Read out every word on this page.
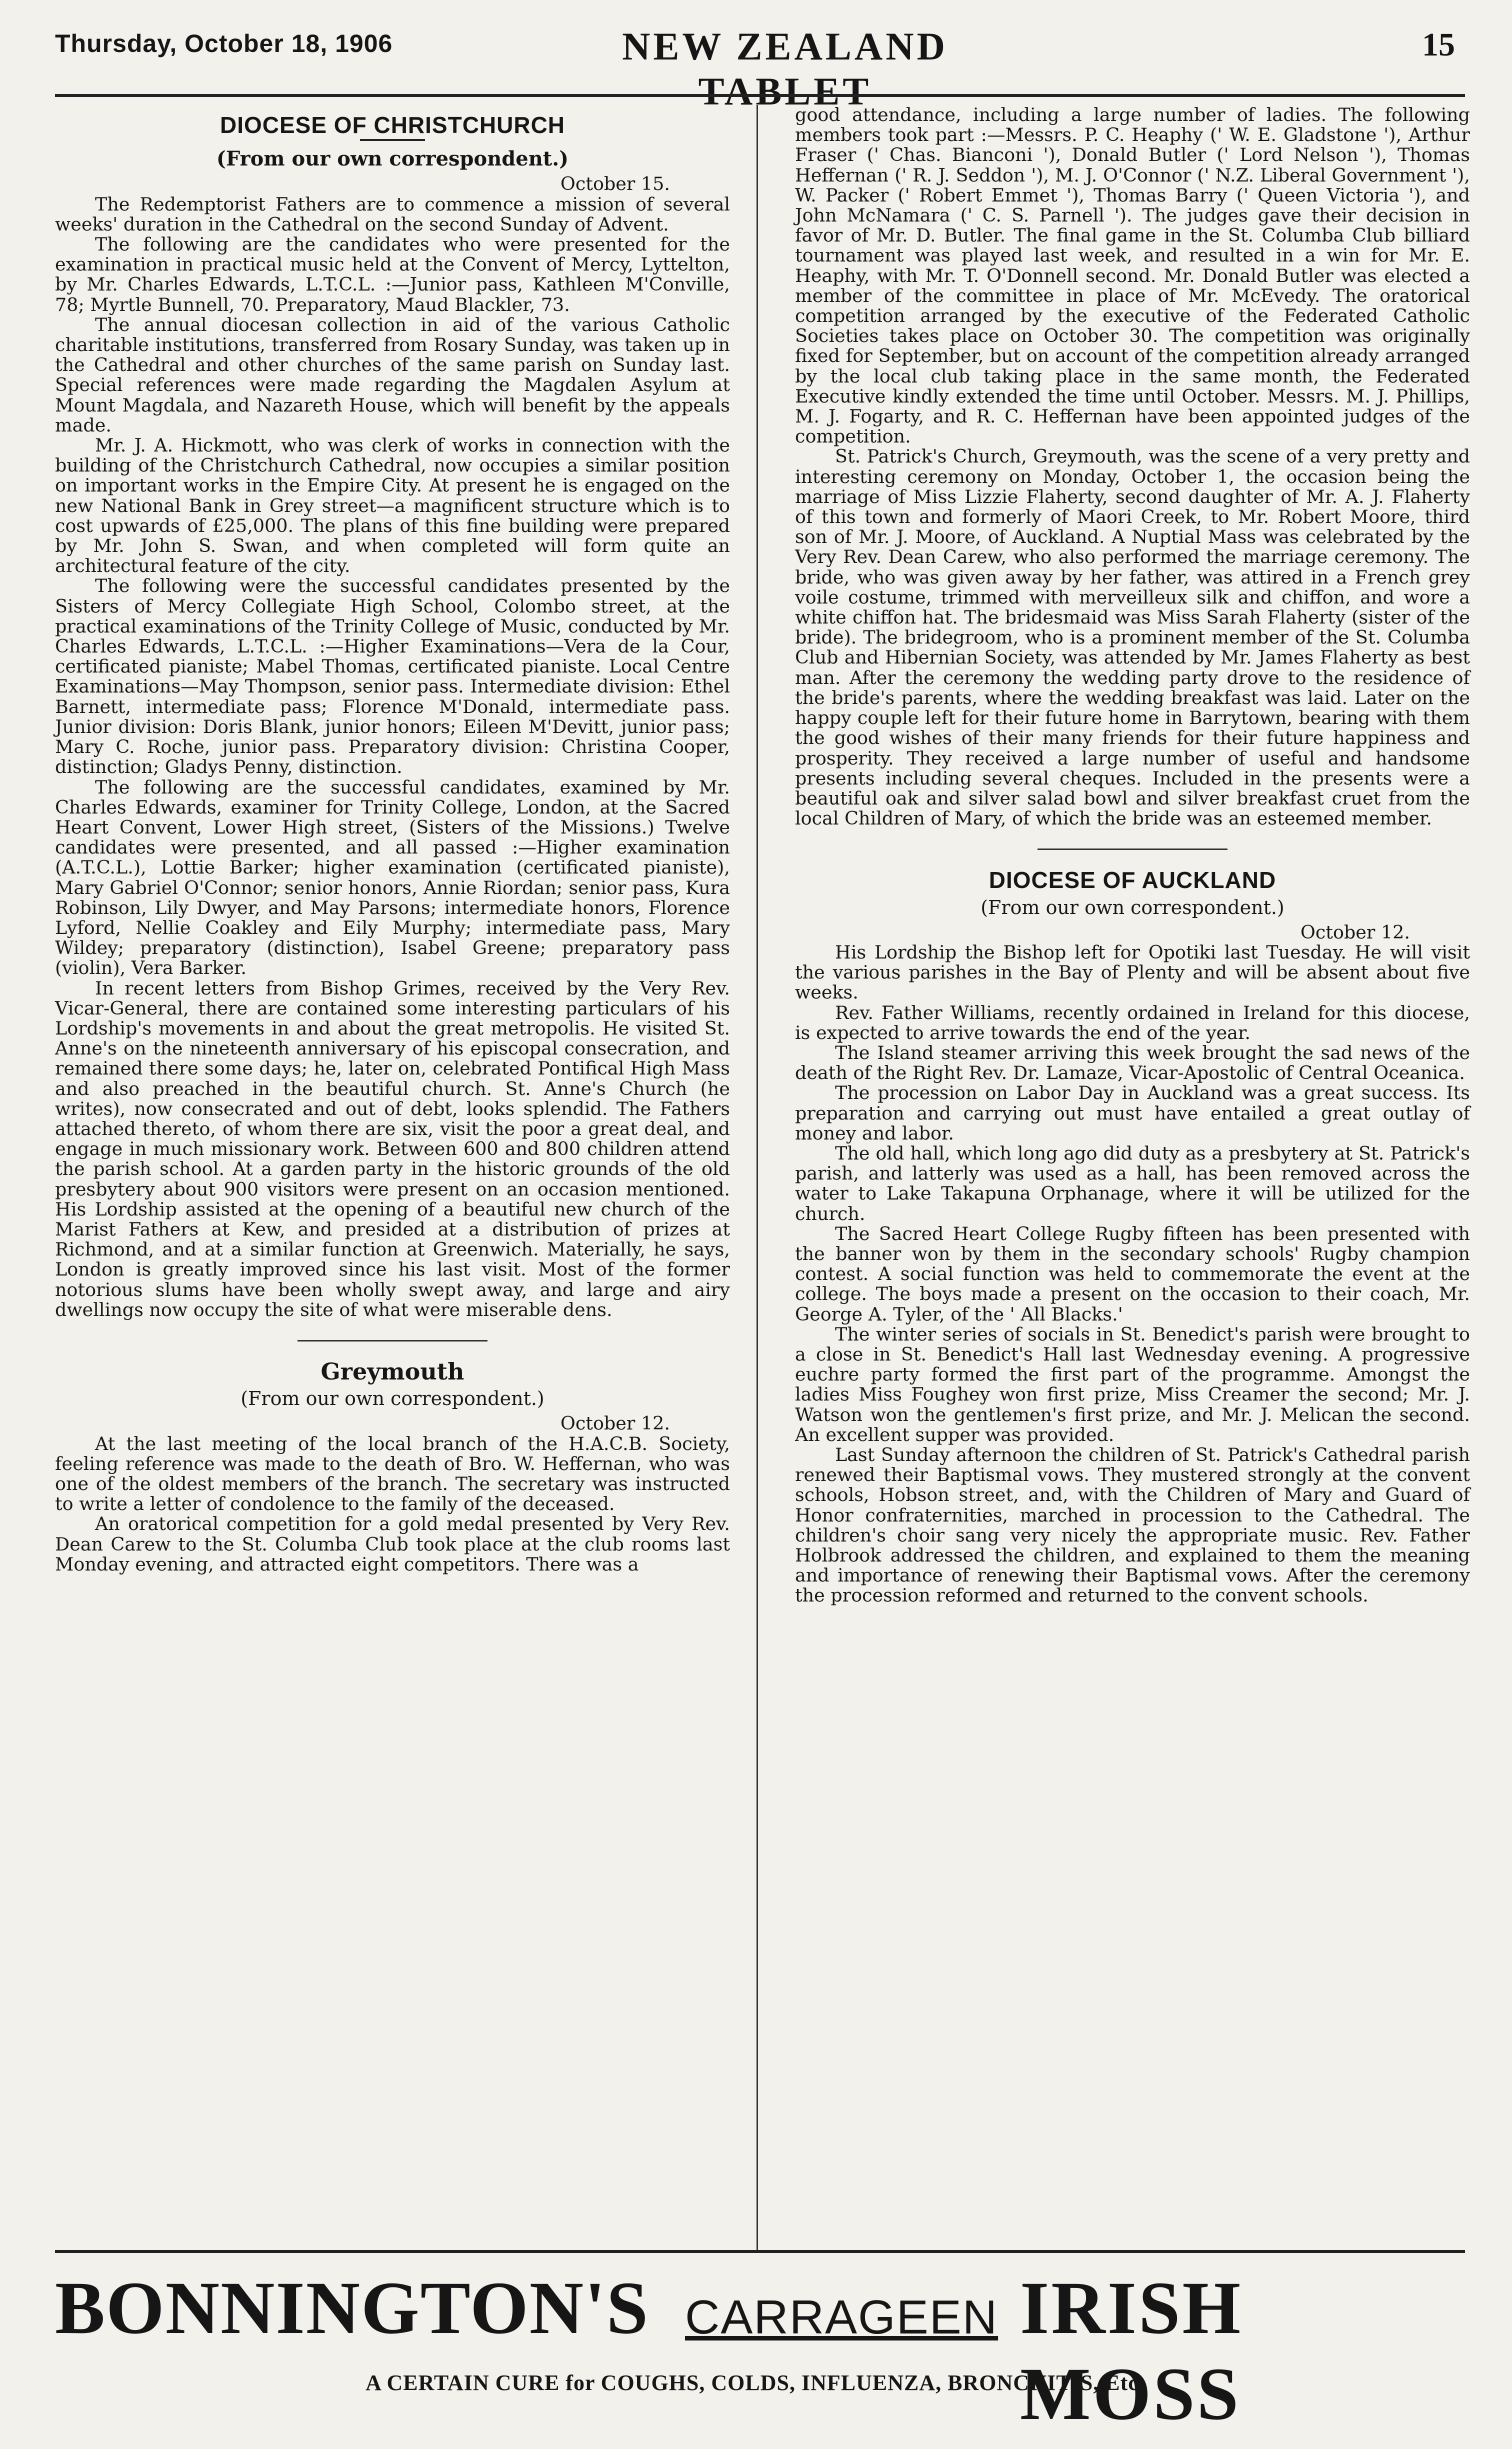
Thursday, October 18, 1906	NEW ZEALAND TABLET
15
DIOCESE OF CHRISTCHURCH
(From our own correspondent.)
October 15.

The Redemptorist Fathers are to commence a mission of several weeks' duration in the Cathedral on the second Sunday of Advent.

The following are the candidates who were presented for the examination in practical music held at the Convent of Mercy, Lyttelton, by Mr. Charles Edwards, L.T.C.L. :—Junior pass, Kathleen M'Conville, 78; Myrtle Bunnell, 70. Preparatory, Maud Blackler, 73.

The annual diocesan collection in aid of the various Catholic charitable institutions, transferred from Rosary Sunday, was taken up in the Cathedral and other churches of the same parish on Sunday last. Special references were made regarding the Magdalen Asylum at Mount Magdala, and Nazareth House, which will benefit by the appeals made.

Mr. J. A. Hickmott, who was clerk of works in connection with the building of the Christchurch Cathedral, now occupies a similar position on important works in the Empire City. At present he is engaged on the new National Bank in Grey street—a magnificent structure which is to cost upwards of £25,000. The plans of this fine building were prepared by Mr. John S. Swan, and when completed will form quite an architectural feature of the city.

The following were the successful candidates presented by the Sisters of Mercy Collegiate High School, Colombo street, at the practical examinations of the Trinity College of Music, conducted by Mr. Charles Edwards, L.T.C.L. :—Higher Examinations—Vera de la Cour, certificated pianiste; Mabel Thomas, certificated pianiste. Local Centre Examinations—May Thompson, senior pass. Intermediate division: Ethel Barnett, intermediate pass; Florence M'Donald, intermediate pass. Junior division: Doris Blank, junior honors; Eileen M'Devitt, junior pass; Mary C. Roche, junior pass. Preparatory division: Christina Cooper, distinction; Gladys Penny, distinction.

The following are the successful candidates, examined by Mr. Charles Edwards, examiner for Trinity College, London, at the Sacred Heart Convent, Lower High street, (Sisters of the Missions.) Twelve candidates were presented, and all passed :—Higher examination (A.T.C.L.), Lottie Barker; higher examination (certificated pianiste), Mary Gabriel O'Connor; senior honors, Annie Riordan; senior pass, Kura Robinson, Lily Dwyer, and May Parsons; intermediate honors, Florence Lyford, Nellie Coakley and Eily Murphy; intermediate pass, Mary Wildey; preparatory (distinction), Isabel Greene; preparatory pass (violin), Vera Barker.

In recent letters from Bishop Grimes, received by the Very Rev. Vicar-General, there are contained some interesting particulars of his Lordship's movements in and about the great metropolis. He visited St. Anne's on the nineteenth anniversary of his episcopal consecration, and remained there some days; he, later on, celebrated Pontifical High Mass and also preached in the beautiful church. St. Anne's Church (he writes), now consecrated and out of debt, looks splendid. The Fathers attached thereto, of whom there are six, visit the poor a great deal, and engage in much missionary work. Between 600 and 800 children attend the parish school. At a garden party in the historic grounds of the old presbytery about 900 visitors were present on an occasion mentioned. His Lordship assisted at the opening of a beautiful new church of the Marist Fathers at Kew, and presided at a distribution of prizes at Richmond, and at a similar function at Greenwich. Materially, he says, London is greatly improved since his last visit. Most of the former notorious slums have been wholly swept away, and large and airy dwellings now occupy the site of what were miserable dens.

Greymouth
(From our own correspondent.)
October 12.

At the last meeting of the local branch of the H.A.C.B. Society, feeling reference was made to the death of Bro. W. Heffernan, who was one of the oldest members of the branch. The secretary was instructed to write a letter of condolence to the family of the deceased.

An oratorical competition for a gold medal presented by Very Rev. Dean Carew to the St. Columba Club took place at the club rooms last Monday evening, and attracted eight competitors. There was a

good attendance, including a large number of ladies. The following members took part :—Messrs. P. C. Heaphy (' W. E. Gladstone '), Arthur Fraser (' Chas. Bianconi '), Donald Butler (' Lord Nelson '), Thomas Heffernan (' R. J. Seddon '), M. J. O'Connor (' N.Z. Liberal Government '), W. Packer (' Robert Emmet '), Thomas Barry (' Queen Victoria '), and John McNamara (' C. S. Parnell '). The judges gave their decision in favor of Mr. D. Butler. The final game in the St. Columba Club billiard tournament was played last week, and resulted in a win for Mr. E. Heaphy, with Mr. T. O'Donnell second. Mr. Donald Butler was elected a member of the committee in place of Mr. McEvedy. The oratorical competition arranged by the executive of the Federated Catholic Societies takes place on October 30. The competition was originally fixed for September, but on account of the competition already arranged by the local club taking place in the same month, the Federated Executive kindly extended the time until October. Messrs. M. J. Phillips, M. J. Fogarty, and R. C. Heffernan have been appointed judges of the competition.

St. Patrick's Church, Greymouth, was the scene of a very pretty and interesting ceremony on Monday, October 1, the occasion being the marriage of Miss Lizzie Flaherty, second daughter of Mr. A. J. Flaherty of this town and formerly of Maori Creek, to Mr. Robert Moore, third son of Mr. J. Moore, of Auckland. A Nuptial Mass was celebrated by the Very Rev. Dean Carew, who also performed the marriage ceremony. The bride, who was given away by her father, was attired in a French grey voile costume, trimmed with merveilleux silk and chiffon, and wore a white chiffon hat. The bridesmaid was Miss Sarah Flaherty (sister of the bride). The bridegroom, who is a prominent member of the St. Columba Club and Hibernian Society, was attended by Mr. James Flaherty as best man. After the ceremony the wedding party drove to the residence of the bride's parents, where the wedding breakfast was laid. Later on the happy couple left for their future home in Barrytown, bearing with them the good wishes of their many friends for their future happiness and prosperity. They received a large number of useful and handsome presents including several cheques. Included in the presents were a beautiful oak and silver salad bowl and silver breakfast cruet from the local Children of Mary, of which the bride was an esteemed member.

DIOCESE OF AUCKLAND
(From our own correspondent.)
October 12.

His Lordship the Bishop left for Opotiki last Tuesday. He will visit the various parishes in the Bay of Plenty and will be absent about five weeks.

Rev. Father Williams, recently ordained in Ireland for this diocese, is expected to arrive towards the end of the year.

The Island steamer arriving this week brought the sad news of the death of the Right Rev. Dr. Lamaze, Vicar-Apostolic of Central Oceanica.

The procession on Labor Day in Auckland was a great success. Its preparation and carrying out must have entailed a great outlay of money and labor.

The old hall, which long ago did duty as a presbytery at St. Patrick's parish, and latterly was used as a hall, has been removed across the water to Lake Takapuna Orphanage, where it will be utilized for the church.

The Sacred Heart College Rugby fifteen has been presented with the banner won by them in the secondary schools' Rugby champion contest. A social function was held to commemorate the event at the college. The boys made a present on the occasion to their coach, Mr. George A. Tyler, of the ' All Blacks.'

The winter series of socials in St. Benedict's parish were brought to a close in St. Benedict's Hall last Wednesday evening. A progressive euchre party formed the first part of the programme. Amongst the ladies Miss Foughey won first prize, Miss Creamer the second; Mr. J. Watson won the gentlemen's first prize, and Mr. J. Melican the second. An excellent supper was provided.

Last Sunday afternoon the children of St. Patrick's Cathedral parish renewed their Baptismal vows. They mustered strongly at the convent schools, Hobson street, and, with the Children of Mary and Guard of Honor confraternities, marched in procession to the Cathedral. The children's choir sang very nicely the appropriate music. Rev. Father Holbrook addressed the children, and explained to them the meaning and importance of renewing their Baptismal vows. After the ceremony the procession reformed and returned to the convent schools.

BONNINGTON'S CARRAGEEN IRISH MOSS
A CERTAIN CURE for COUGHS, COLDS, INFLUENZA, BRONCHITIS, Etc.
